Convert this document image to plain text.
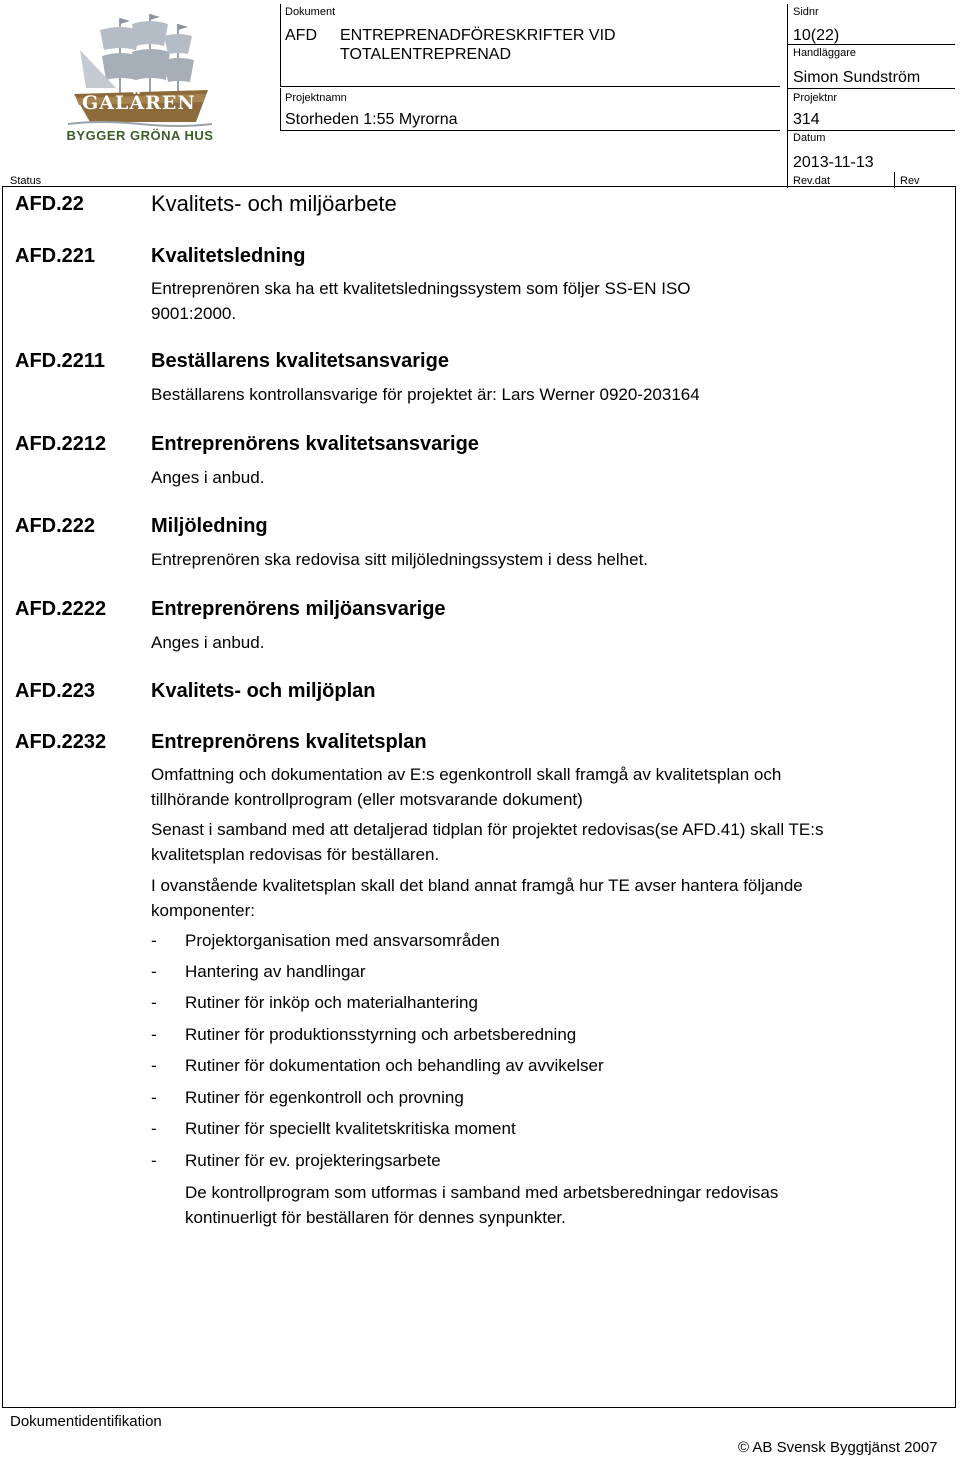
GALÄREN
BYGGER GRÖNA HUS
Status
Dokument
AFD ENTREPRENADFÖRESKRIFTER VID
TOTALENTREPRENAD
Projektnamn
Storheden 1:55 Myrorna
Sidnr
10(22)
Handläggare
Simon Sundström
Projektnr
314
Datum
2013-11-13
Rev.dat	Rev
AFD.22	Kvalitets- och miljöarbete
AFD.221	Kvalitetsledning
Entreprenören ska ha ett kvalitetsledningssystem som följer SS-EN ISO 9001:2000.
AFD.2211 Beställarens kvalitetsansvarige
Beställarens kontrollansvarige för projektet är: Lars Werner 0920-203164
AFD.2212 Entreprenörens kvalitetsansvarige
Anges i anbud.
AFD.222	Miljöledning
Entreprenören ska redovisa sitt miljöledningssystem i dess helhet.
AFD.2222 Entreprenörens miljöansvarige
Anges i anbud.
AFD.223	Kvalitets- och miljöplan
AFD.2232 Entreprenörens kvalitetsplan
Omfattning och dokumentation av E:s egenkontroll skall framgå av kvalitetsplan och tillhörande kontrollprogram (eller motsvarande dokument)
Senast i samband med att detaljerad tidplan för projektet redovisas(se AFD.41) skall TE:s kvalitetsplan redovisas för beställaren.
I ovanstående kvalitetsplan skall det bland annat framgå hur TE avser hantera följande komponenter:
- Projektorganisation med ansvarsområden
- Hantering av handlingar
- Rutiner för inköp och materialhantering
- Rutiner för produktionsstyrning och arbetsberedning
- Rutiner för dokumentation och behandling av avvikelser
- Rutiner för egenkontroll och provning
- Rutiner för speciellt kvalitetskritiska moment
- Rutiner för ev. projekteringsarbete
De kontrollprogram som utformas i samband med arbetsberedningar redovisas kontinuerligt för beställaren för dennes synpunkter.
Dokumentidentifikation
© AB Svensk Byggtjänst 2007
